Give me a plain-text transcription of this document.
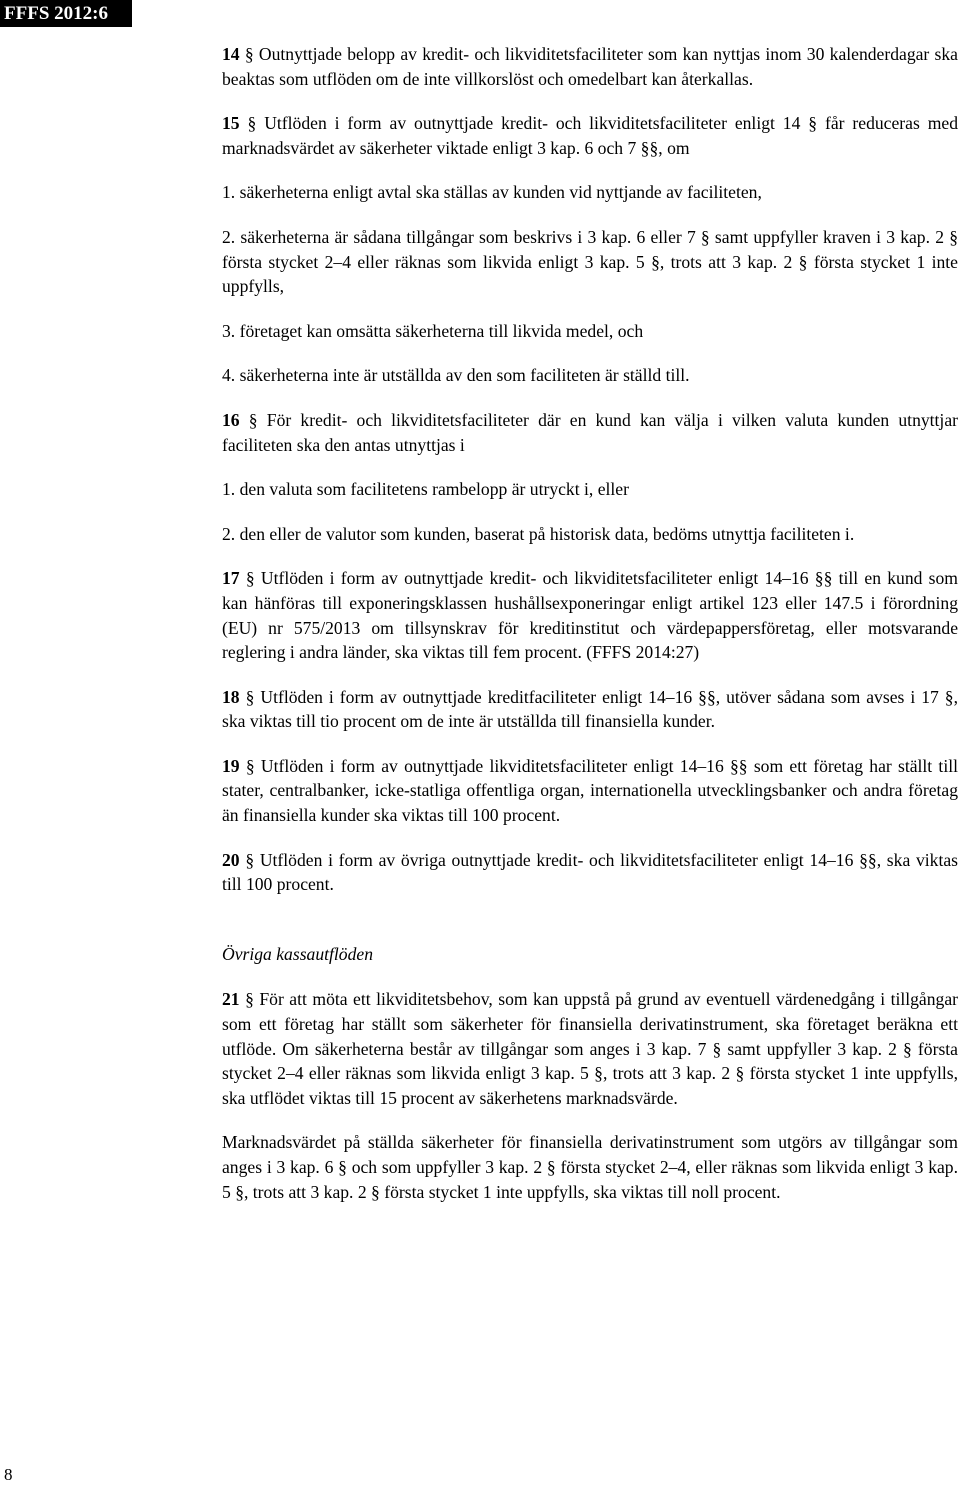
FFFS 2012:6

14 § Outnyttjade belopp av kredit- och likviditetsfaciliteter som kan nyttjas inom 30 kalenderdagar ska beaktas som utflöden om de inte villkorslöst och omedelbart kan återkallas.

15 § Utflöden i form av outnyttjade kredit- och likviditetsfaciliteter enligt 14 § får reduceras med marknadsvärdet av säkerheter viktade enligt 3 kap. 6 och 7 §§, om

1. säkerheterna enligt avtal ska ställas av kunden vid nyttjande av faciliteten,

2. säkerheterna är sådana tillgångar som beskrivs i 3 kap. 6 eller 7 § samt uppfyller kraven i 3 kap. 2 § första stycket 2–4 eller räknas som likvida enligt 3 kap. 5 §, trots att 3 kap. 2 § första stycket 1 inte uppfylls,

3. företaget kan omsätta säkerheterna till likvida medel, och

4. säkerheterna inte är utställda av den som faciliteten är ställd till.

16 § För kredit- och likviditetsfaciliteter där en kund kan välja i vilken valuta kunden utnyttjar faciliteten ska den antas utnyttjas i

1. den valuta som facilitetens rambelopp är utryckt i, eller

2. den eller de valutor som kunden, baserat på historisk data, bedöms utnyttja faciliteten i.

17 § Utflöden i form av outnyttjade kredit- och likviditetsfaciliteter enligt 14–16 §§ till en kund som kan hänföras till exponeringsklassen hushållsexponeringar enligt artikel 123 eller 147.5 i förordning (EU) nr 575/2013 om tillsynskrav för kreditinstitut och värdepappersföretag, eller motsvarande reglering i andra länder, ska viktas till fem procent. (FFFS 2014:27)

18 § Utflöden i form av outnyttjade kreditfaciliteter enligt 14–16 §§, utöver sådana som avses i 17 §, ska viktas till tio procent om de inte är utställda till finansiella kunder.

19 § Utflöden i form av outnyttjade likviditetsfaciliteter enligt 14–16 §§ som ett företag har ställt till stater, centralbanker, icke-statliga offentliga organ, internationella utvecklingsbanker och andra företag än finansiella kunder ska viktas till 100 procent.

20 § Utflöden i form av övriga outnyttjade kredit- och likviditetsfaciliteter enligt 14–16 §§, ska viktas till 100 procent.

Övriga kassautflöden

21 § För att möta ett likviditetsbehov, som kan uppstå på grund av eventuell värdenedgång i tillgångar som ett företag har ställt som säkerheter för finansiella derivatinstrument, ska företaget beräkna ett utflöde. Om säkerheterna består av tillgångar som anges i 3 kap. 7 § samt uppfyller 3 kap. 2 § första stycket 2–4 eller räknas som likvida enligt 3 kap. 5 §, trots att 3 kap. 2 § första stycket 1 inte uppfylls, ska utflödet viktas till 15 procent av säkerhetens marknadsvärde.

Marknadsvärdet på ställda säkerheter för finansiella derivatinstrument som utgörs av tillgångar som anges i 3 kap. 6 § och som uppfyller 3 kap. 2 § första stycket 2–4, eller räknas som likvida enligt 3 kap. 5 §, trots att 3 kap. 2 § första stycket 1 inte uppfylls, ska viktas till noll procent.

8
